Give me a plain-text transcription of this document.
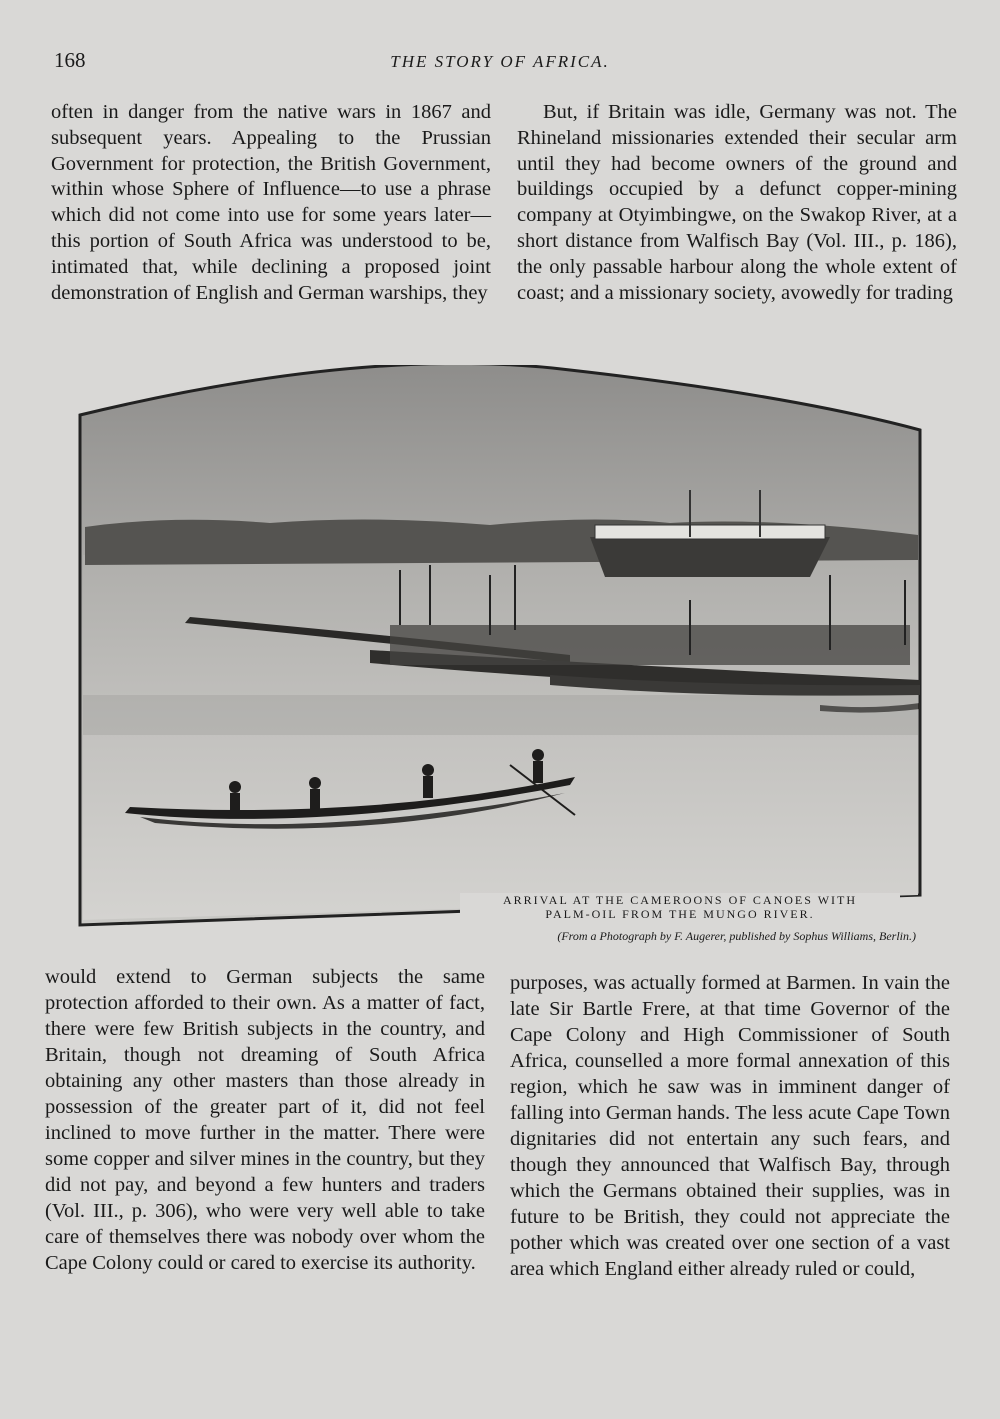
168	THE STORY OF AFRICA.

often in danger from the native wars in 1867 and subsequent years. Appealing to the Prussian Government for protection, the British Government, within whose Sphere of Influence—to use a phrase which did not come into use for some years later—this portion of South Africa was understood to be, intimated that, while declining a proposed joint demonstration of English and German warships, they

But, if Britain was idle, Germany was not. The Rhineland missionaries extended their secular arm until they had become owners of the ground and buildings occupied by a defunct copper-mining company at Otyimbingwe, on the Swakop River, at a short distance from Walfisch Bay (Vol. III., p. 186), the only passable harbour along the whole extent of coast; and a missionary society, avowedly for trading

ARRIVAL AT THE CAMEROONS OF CANOES WITH
PALM-OIL FROM THE MUNGO RIVER.
(From a Photograph by F. Augerer, published by Sophus Williams, Berlin.)

would extend to German subjects the same protection afforded to their own. As a matter of fact, there were few British subjects in the country, and Britain, though not dreaming of South Africa obtaining any other masters than those already in possession of the greater part of it, did not feel inclined to move further in the matter. There were some copper and silver mines in the country, but they did not pay, and beyond a few hunters and traders (Vol. III., p. 306), who were very well able to take care of themselves there was nobody over whom the Cape Colony could or cared to exercise its authority.

purposes, was actually formed at Barmen. In vain the late Sir Bartle Frere, at that time Governor of the Cape Colony and High Commissioner of South Africa, counselled a more formal annexation of this region, which he saw was in imminent danger of falling into German hands. The less acute Cape Town dignitaries did not entertain any such fears, and though they announced that Walfisch Bay, through which the Germans obtained their supplies, was in future to be British, they could not appreciate the pother which was created over one section of a vast area which England either already ruled or could,
